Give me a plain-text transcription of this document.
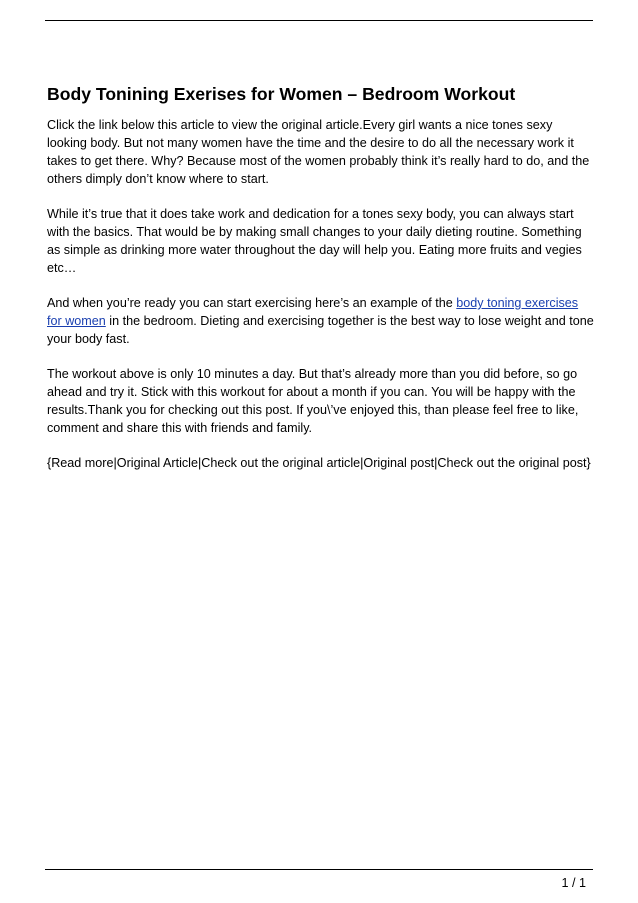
Body Tonining Exerises for Women – Bedroom Workout

Click the link below this article to view the original article.Every girl wants a nice tones sexy looking body. But not many women have the time and the desire to do all the necessary work it takes to get there. Why? Because most of the women probably think it’s really hard to do, and the others dimply don’t know where to start.

While it’s true that it does take work and dedication for a tones sexy body, you can always start with the basics. That would be by making small changes to your daily dieting routine. Something as simple as drinking more water throughout the day will help you. Eating more fruits and vegies etc…

And when you’re ready you can start exercising here’s an example of the body toning exercises for women in the bedroom. Dieting and exercising together is the best way to lose weight and tone your body fast.

The workout above is only 10 minutes a day. But that’s already more than you did before, so go ahead and try it. Stick with this workout for about a month if you can. You will be happy with the results.Thank you for checking out this post. If you\’ve enjoyed this, than please feel free to like, comment and share this with friends and family.

{Read more|Original Article|Check out the original article|Original post|Check out the original post}

1 / 1
